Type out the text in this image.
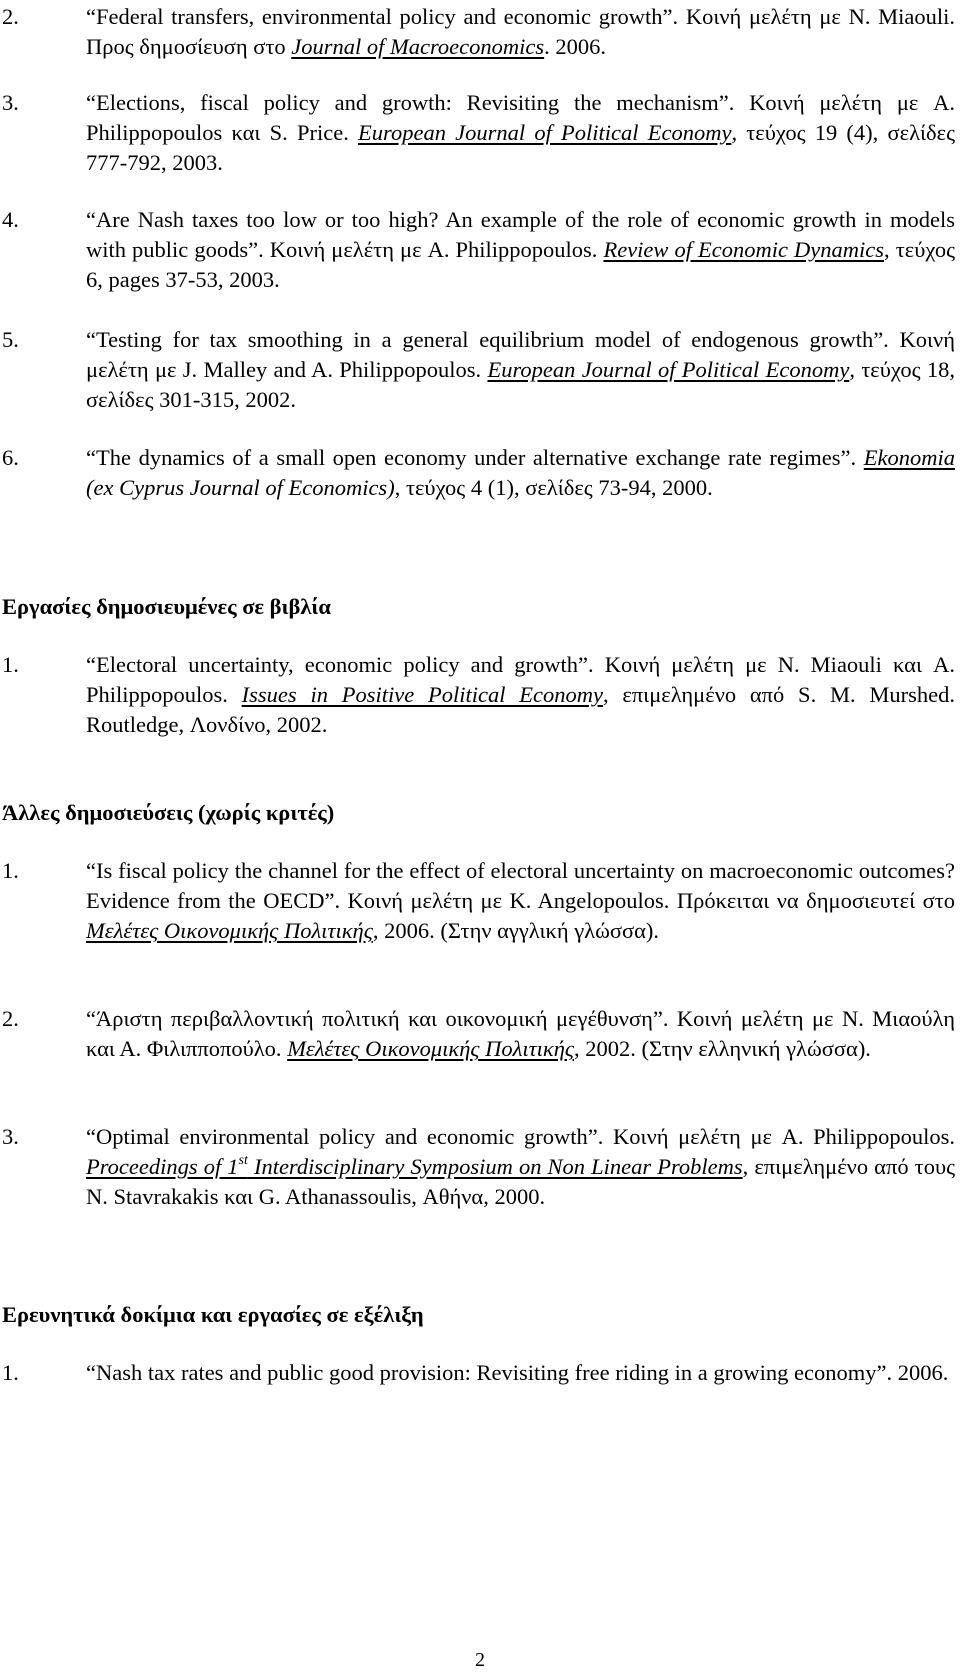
2.	“Federal transfers, environmental policy and economic growth”. Κοινή μελέτη με N. Miaouli. Προς δημοσίευση στο Journal of Macroeconomics. 2006.
3.	“Elections, fiscal policy and growth: Revisiting the mechanism”. Κοινή μελέτη με A. Philippopoulos και S. Price. European Journal of Political Economy, τεύχος 19 (4), σελίδες 777-792, 2003.
4.	“Are Nash taxes too low or too high? An example of the role of economic growth in models with public goods”. Κοινή μελέτη με A. Philippopoulos. Review of Economic Dynamics, τεύχος 6, pages 37-53, 2003.
5.	“Testing for tax smoothing in a general equilibrium model of endogenous growth”. Κοινή μελέτη με J. Malley and A. Philippopoulos. European Journal of Political Economy, τεύχος 18, σελίδες 301-315, 2002.
6.	“The dynamics of a small open economy under alternative exchange rate regimes”. Ekonomia (ex Cyprus Journal of Economics), τεύχος 4 (1), σελίδες 73-94, 2000.
Εργασίες δημοσιευμένες σε βιβλία
1.	“Electoral uncertainty, economic policy and growth”. Κοινή μελέτη με N. Miaouli και A. Philippopoulos. Issues in Positive Political Economy, επιμελημένο από S. M. Murshed. Routledge, Λονδίνο, 2002.
Άλλες δημοσιεύσεις (χωρίς κριτές)
1.	“Is fiscal policy the channel for the effect of electoral uncertainty on macroeconomic outcomes? Evidence from the OECD”. Κοινή μελέτη με K. Angelopoulos. Πρόκειται να δημοσιευτεί στο Μελέτες Οικονομικής Πολιτικής, 2006. (Στην αγγλική γλώσσα).
2.	“Άριστη περιβαλλοντική πολιτική και οικονομική μεγέθυνση”. Κοινή μελέτη με Ν. Μιαούλη και Α. Φιλιπποπούλο. Μελέτες Οικονομικής Πολιτικής, 2002. (Στην ελληνική γλώσσα).
3.	“Optimal environmental policy and economic growth”. Κοινή μελέτη με A. Philippopoulos. Proceedings of 1st Interdisciplinary Symposium on Non Linear Problems, επιμελημένο από τους N. Stavrakakis και G. Athanassoulis, Αθήνα, 2000.
Ερευνητικά δοκίμια και εργασίες σε εξέλιξη
1.	“Nash tax rates and public good provision: Revisiting free riding in a growing economy”. 2006.
2
